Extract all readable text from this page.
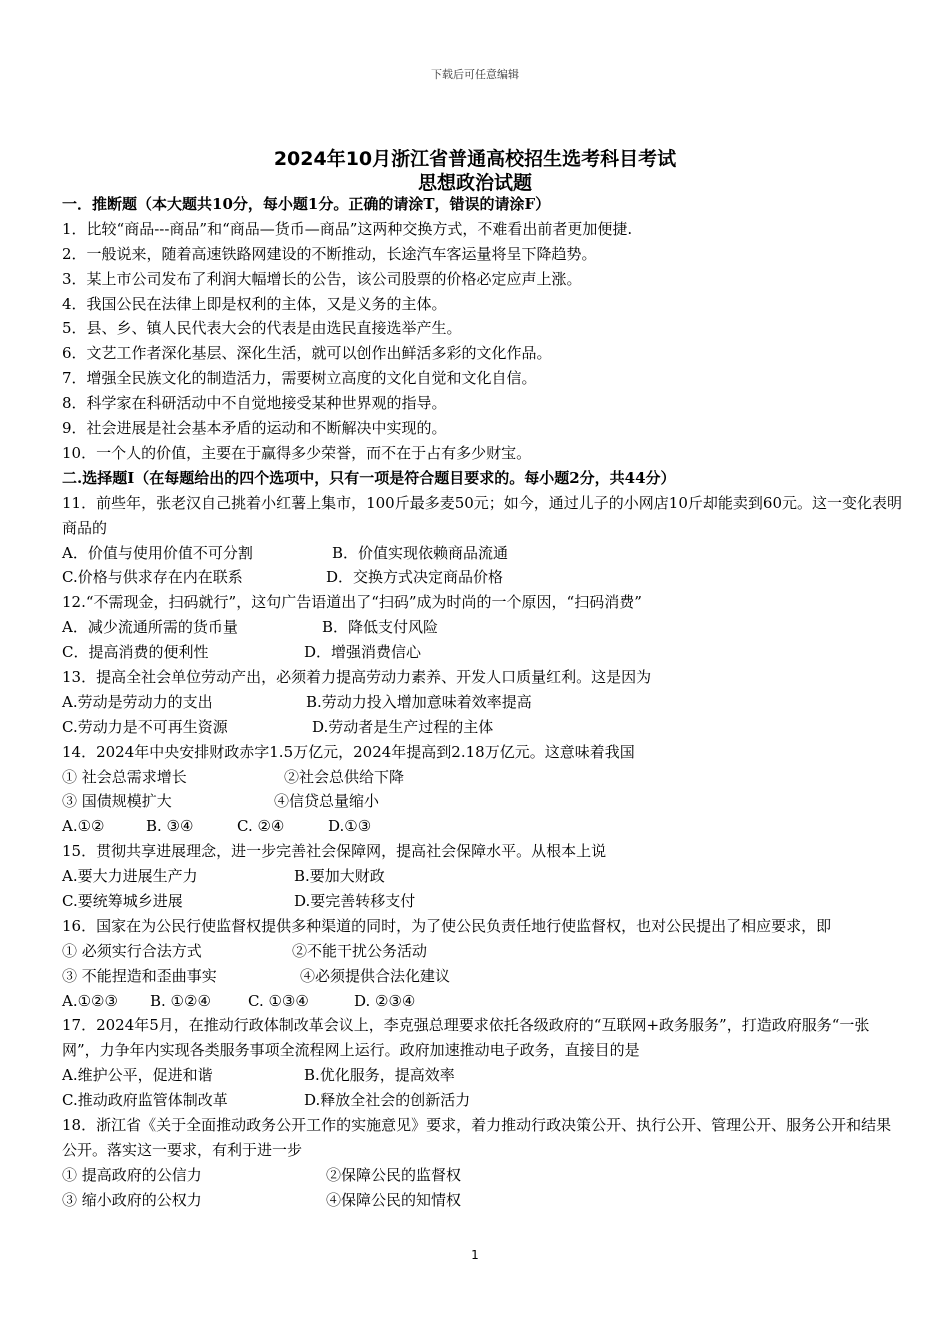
下载后可任意编辑
2024年10月浙江省普通高校招生选考科目考试
思想政治试题
一．推断题（本大题共10分，每小题1分。正确的请涂T，错误的请涂F）
1．比较“商品---商品”和“商品—货币—商品”这两种交换方式，不难看出前者更加便捷.
2．一般说来，随着高速铁路网建设的不断推动，长途汽车客运量将呈下降趋势。
3．某上市公司发布了利润大幅增长的公告，该公司股票的价格必定应声上涨。
4．我国公民在法律上即是权利的主体，又是义务的主体。
5．县、乡、镇人民代表大会的代表是由选民直接选举产生。
6．文艺工作者深化基层、深化生活，就可以创作出鲜活多彩的文化作品。
7．增强全民族文化的制造活力，需要树立高度的文化自觉和文化自信。
8．科学家在科研活动中不自觉地接受某种世界观的指导。
9．社会进展是社会基本矛盾的运动和不断解决中实现的。
10．一个人的价值，主要在于赢得多少荣誉，而不在于占有多少财宝。
二.选择题Ⅰ（在每题给出的四个选项中，只有一项是符合题目要求的。每小题2分，共44分）
11．前些年，张老汉自己挑着小红薯上集市，100斤最多麦50元；如今，通过儿子的小网店10斤却能卖到60元。这一变化表明商品的
A．价值与使用价值不可分割	B．价值实现依赖商品流通
C.价格与供求存在内在联系	D．交换方式决定商品价格
12.“不需现金，扫码就行”，这句广告语道出了“扫码”成为时尚的一个原因，“扫码消费”
A．减少流通所需的货币量	B．降低支付风险
C．提高消费的便利性	D．增强消费信心
13．提高全社会单位劳动产出，必须着力提高劳动力素养、开发人口质量红利。这是因为
A.劳动是劳动力的支出	B.劳动力投入增加意味着效率提高
C.劳动力是不可再生资源	D.劳动者是生产过程的主体
14．2024年中央安排财政赤字1.5万亿元，2024年提高到2.18万亿元。这意味着我国
① 社会总需求增长	②社会总供给下降
③ 国债规模扩大	④信贷总量缩小
A.①②	B. ③④	C. ②④	D.①③
15．贯彻共享进展理念，进一步完善社会保障网，提高社会保障水平。从根本上说
A.要大力进展生产力	B.要加大财政
C.要统筹城乡进展	D.要完善转移支付
16．国家在为公民行使监督权提供多种渠道的同时，为了使公民负责任地行使监督权，也对公民提出了相应要求，即
① 必须实行合法方式	②不能干扰公务活动
③ 不能捏造和歪曲事实	④必须提供合法化建议
A.①②③ B. ①②④ C. ①③④	D. ②③④
17．2024年5月，在推动行政体制改革会议上，李克强总理要求依托各级政府的“互联网+政务服务”，打造政府服务“一张网”，力争年内实现各类服务事项全流程网上运行。政府加速推动电子政务，直接目的是
A.维护公平，促进和谐	B.优化服务，提高效率
C.推动政府监管体制改革	D.释放全社会的创新活力
18．浙江省《关于全面推动政务公开工作的实施意见》要求，着力推动行政决策公开、执行公开、管理公开、服务公开和结果公开。落实这一要求，有利于进一步
① 提高政府的公信力	②保障公民的监督权
③ 缩小政府的公权力	④保障公民的知情权
1
